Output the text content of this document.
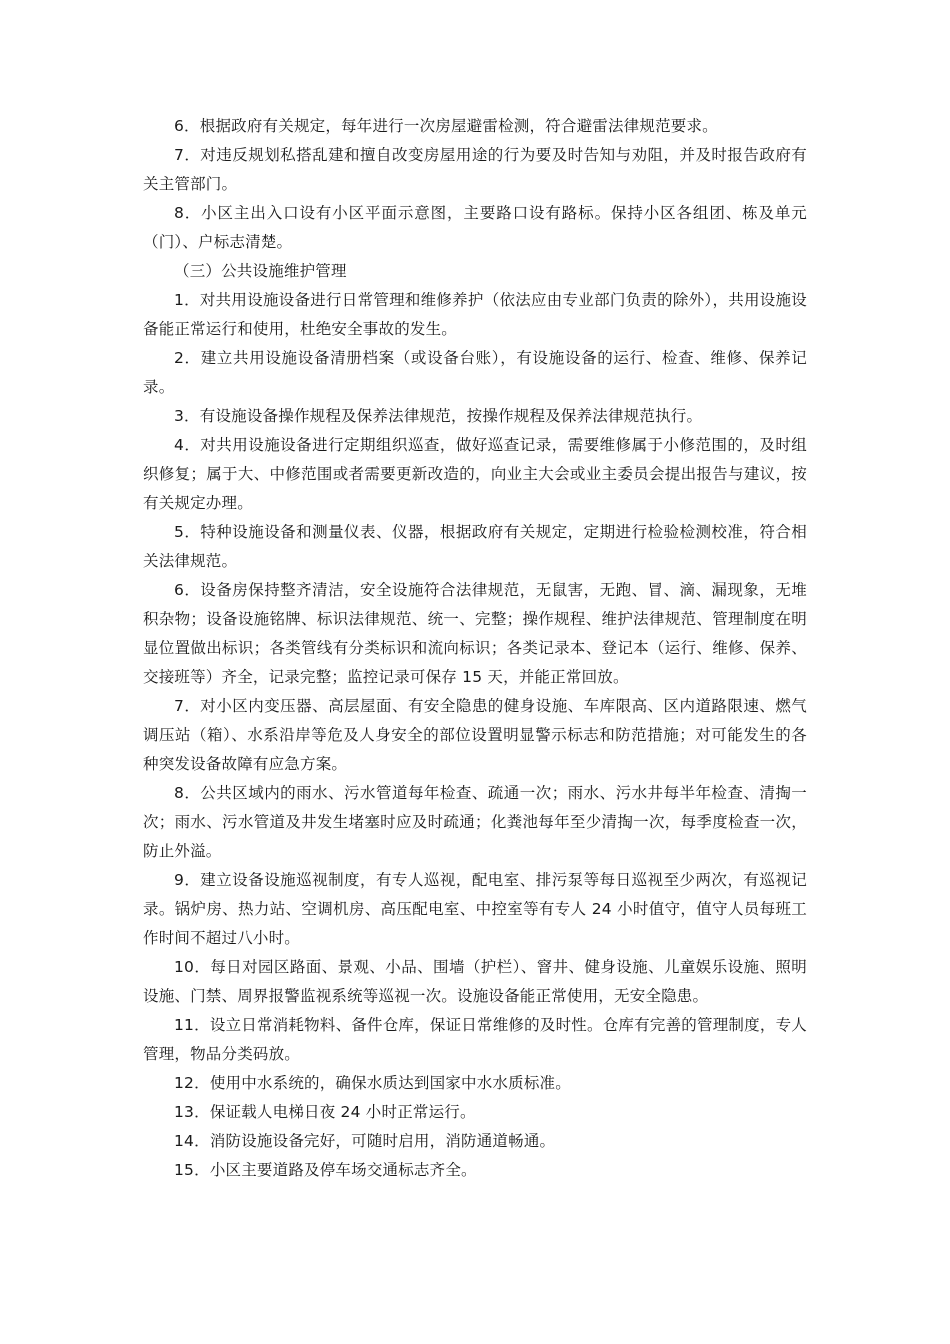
6．根据政府有关规定，每年进行一次房屋避雷检测，符合避雷法律规范要求。

7．对违反规划私搭乱建和擅自改变房屋用途的行为要及时告知与劝阻，并及时报告政府有关主管部门。

8．小区主出入口设有小区平面示意图，主要路口设有路标。保持小区各组团、栋及单元（门）、户标志清楚。

（三）公共设施维护管理

1．对共用设施设备进行日常管理和维修养护（依法应由专业部门负责的除外），共用设施设备能正常运行和使用，杜绝安全事故的发生。

2．建立共用设施设备清册档案（或设备台账），有设施设备的运行、检查、维修、保养记录。

3．有设施设备操作规程及保养法律规范，按操作规程及保养法律规范执行。

4．对共用设施设备进行定期组织巡查，做好巡查记录，需要维修属于小修范围的，及时组织修复；属于大、中修范围或者需要更新改造的，向业主大会或业主委员会提出报告与建议，按有关规定办理。

5．特种设施设备和测量仪表、仪器，根据政府有关规定，定期进行检验检测校准，符合相关法律规范。

6．设备房保持整齐清洁，安全设施符合法律规范，无鼠害，无跑、冒、滴、漏现象，无堆积杂物；设备设施铭牌、标识法律规范、统一、完整；操作规程、维护法律规范、管理制度在明显位置做出标识；各类管线有分类标识和流向标识；各类记录本、登记本（运行、维修、保养、交接班等）齐全，记录完整；监控记录可保存 15 天，并能正常回放。

7．对小区内变压器、高层屋面、有安全隐患的健身设施、车库限高、区内道路限速、燃气调压站（箱）、水系沿岸等危及人身安全的部位设置明显警示标志和防范措施；对可能发生的各种突发设备故障有应急方案。

8．公共区域内的雨水、污水管道每年检查、疏通一次；雨水、污水井每半年检查、清掏一次；雨水、污水管道及井发生堵塞时应及时疏通；化粪池每年至少清掏一次，每季度检查一次，防止外溢。

9．建立设备设施巡视制度，有专人巡视，配电室、排污泵等每日巡视至少两次，有巡视记录。锅炉房、热力站、空调机房、高压配电室、中控室等有专人 24 小时值守，值守人员每班工作时间不超过八小时。

10．每日对园区路面、景观、小品、围墙（护栏）、窨井、健身设施、儿童娱乐设施、照明设施、门禁、周界报警监视系统等巡视一次。设施设备能正常使用，无安全隐患。

11．设立日常消耗物料、备件仓库，保证日常维修的及时性。仓库有完善的管理制度，专人管理，物品分类码放。

12．使用中水系统的，确保水质达到国家中水水质标准。

13．保证载人电梯日夜 24 小时正常运行。

14．消防设施设备完好，可随时启用，消防通道畅通。

15．小区主要道路及停车场交通标志齐全。
